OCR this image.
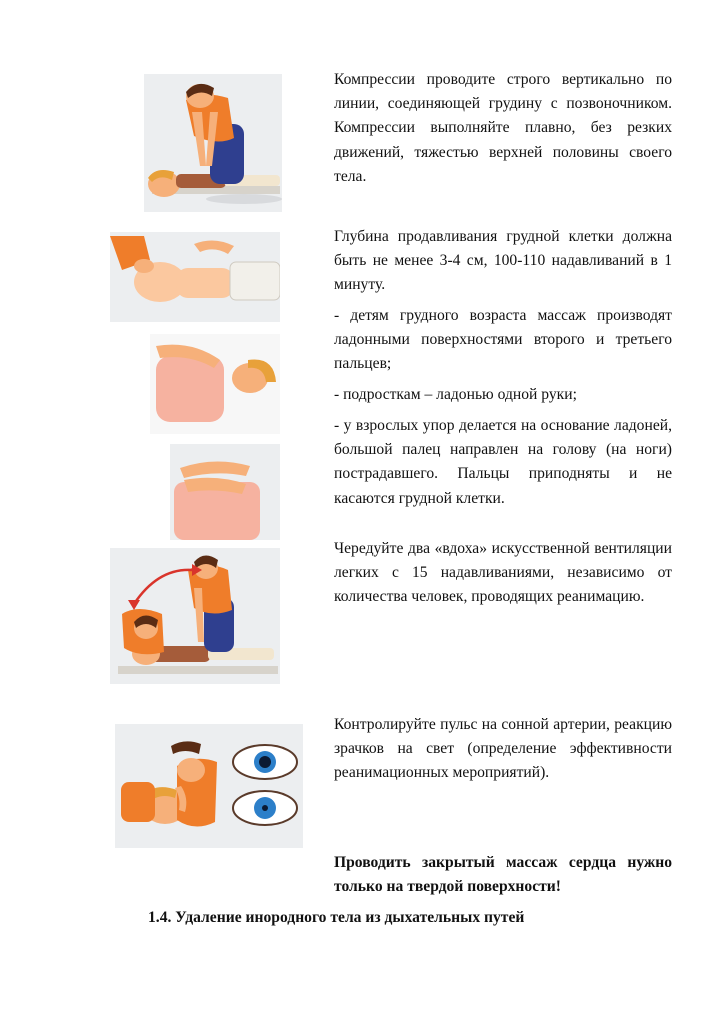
Компрессии проводите строго вертикально по линии, соединяющей грудину с позвоночником. Компрессии выполняйте плавно, без резких движений, тяжестью верхней половины своего тела.

Глубина продавливания грудной клетки должна быть не менее 3-4 см, 100-110 надавливаний в 1 минуту.

- детям грудного возраста массаж производят ладонными поверхностями второго и третьего пальцев;

- подросткам – ладонью одной руки;

- у взрослых упор делается на основание ладоней, большой палец направлен на голову (на ноги) пострадавшего. Пальцы приподняты и не касаются грудной клетки.

Чередуйте два «вдоха» искусственной вентиляции легких с 15 надавливаниями, независимо от количества человек, проводящих реанимацию.

Контролируйте пульс на сонной артерии, реакцию зрачков на свет (определение эффективности реанимационных мероприятий).

Проводить закрытый массаж сердца нужно только на твердой поверхности!

1.4. Удаление инородного тела из дыхательных путей
